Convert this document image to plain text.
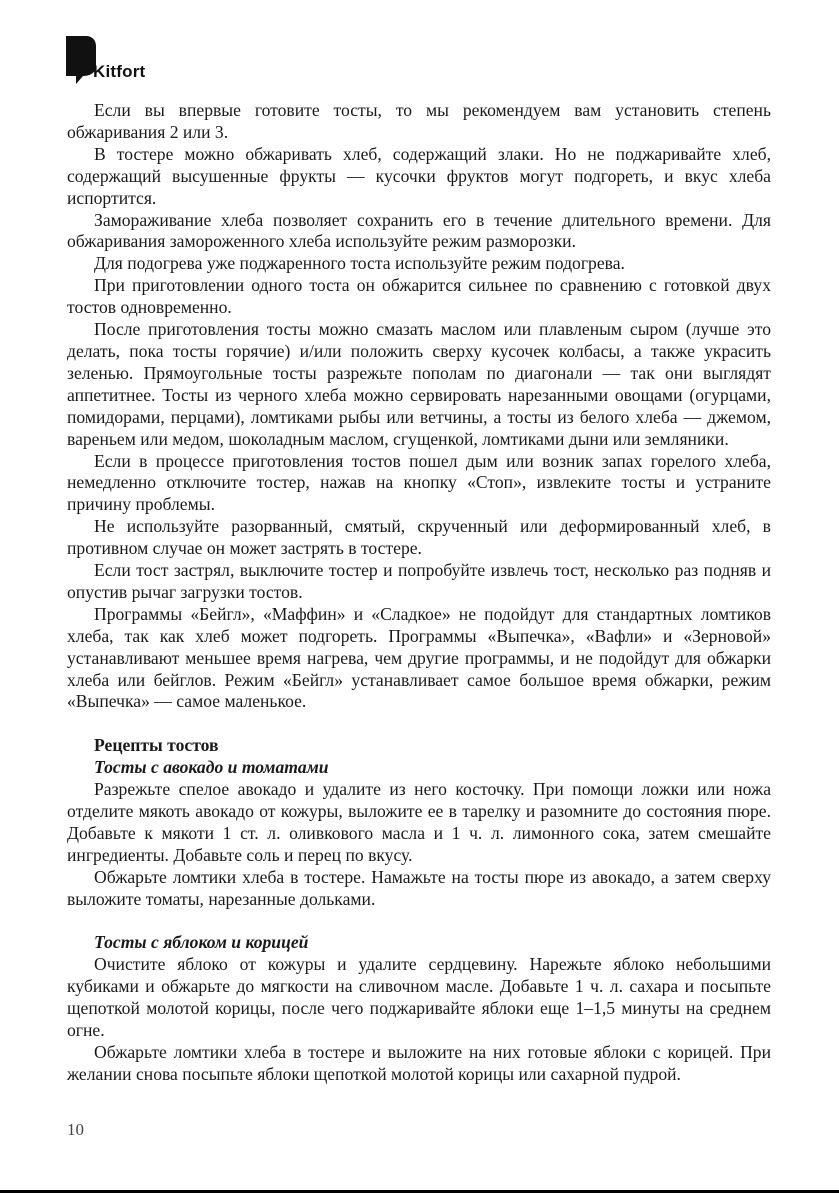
Kitfort

Если вы впервые готовите тосты, то мы рекомендуем вам установить степень обжаривания 2 или 3.

В тостере можно обжаривать хлеб, содержащий злаки. Но не поджаривайте хлеб, содержащий высушенные фрукты — кусочки фруктов могут подгореть, и вкус хлеба испортится.

Замораживание хлеба позволяет сохранить его в течение длительного времени. Для обжаривания замороженного хлеба используйте режим разморозки.

Для подогрева уже поджаренного тоста используйте режим подогрева.

При приготовлении одного тоста он обжарится сильнее по сравнению с готовкой двух тостов одновременно.

После приготовления тосты можно смазать маслом или плавленым сыром (лучше это делать, пока тосты горячие) и/или положить сверху кусочек колбасы, а также украсить зеленью. Прямоугольные тосты разрежьте пополам по диагонали — так они выглядят аппетитнее. Тосты из черного хлеба можно сервировать нарезанными овощами (огурцами, помидорами, перцами), ломтиками рыбы или ветчины, а тосты из белого хлеба — джемом, вареньем или медом, шоколадным маслом, сгущенкой, ломтиками дыни или земляники.

Если в процессе приготовления тостов пошел дым или возник запах горелого хлеба, немедленно отключите тостер, нажав на кнопку «Стоп», извлеките тосты и устраните причину проблемы.

Не используйте разорванный, смятый, скрученный или деформированный хлеб, в противном случае он может застрять в тостере.

Если тост застрял, выключите тостер и попробуйте извлечь тост, несколько раз подняв и опустив рычаг загрузки тостов.

Программы «Бейгл», «Маффин» и «Сладкое» не подойдут для стандартных ломтиков хлеба, так как хлеб может подгореть. Программы «Выпечка», «Вафли» и «Зерновой» устанавливают меньшее время нагрева, чем другие программы, и не подойдут для обжарки хлеба или бейглов. Режим «Бейгл» устанавливает самое большое время обжарки, режим «Выпечка» — самое маленькое.

Рецепты тостов

Тосты с авокадо и томатами

Разрежьте спелое авокадо и удалите из него косточку. При помощи ложки или ножа отделите мякоть авокадо от кожуры, выложите ее в тарелку и разомните до состояния пюре. Добавьте к мякоти 1 ст. л. оливкового масла и 1 ч. л. лимонного сока, затем смешайте ингредиенты. Добавьте соль и перец по вкусу.

Обжарьте ломтики хлеба в тостере. Намажьте на тосты пюре из авокадо, а затем сверху выложите томаты, нарезанные дольками.

Тосты с яблоком и корицей

Очистите яблоко от кожуры и удалите сердцевину. Нарежьте яблоко небольшими кубиками и обжарьте до мягкости на сливочном масле. Добавьте 1 ч. л. сахара и посыпьте щепоткой молотой корицы, после чего поджаривайте яблоки еще 1–1,5 минуты на среднем огне.

Обжарьте ломтики хлеба в тостере и выложите на них готовые яблоки с корицей. При желании снова посыпьте яблоки щепоткой молотой корицы или сахарной пудрой.

10
